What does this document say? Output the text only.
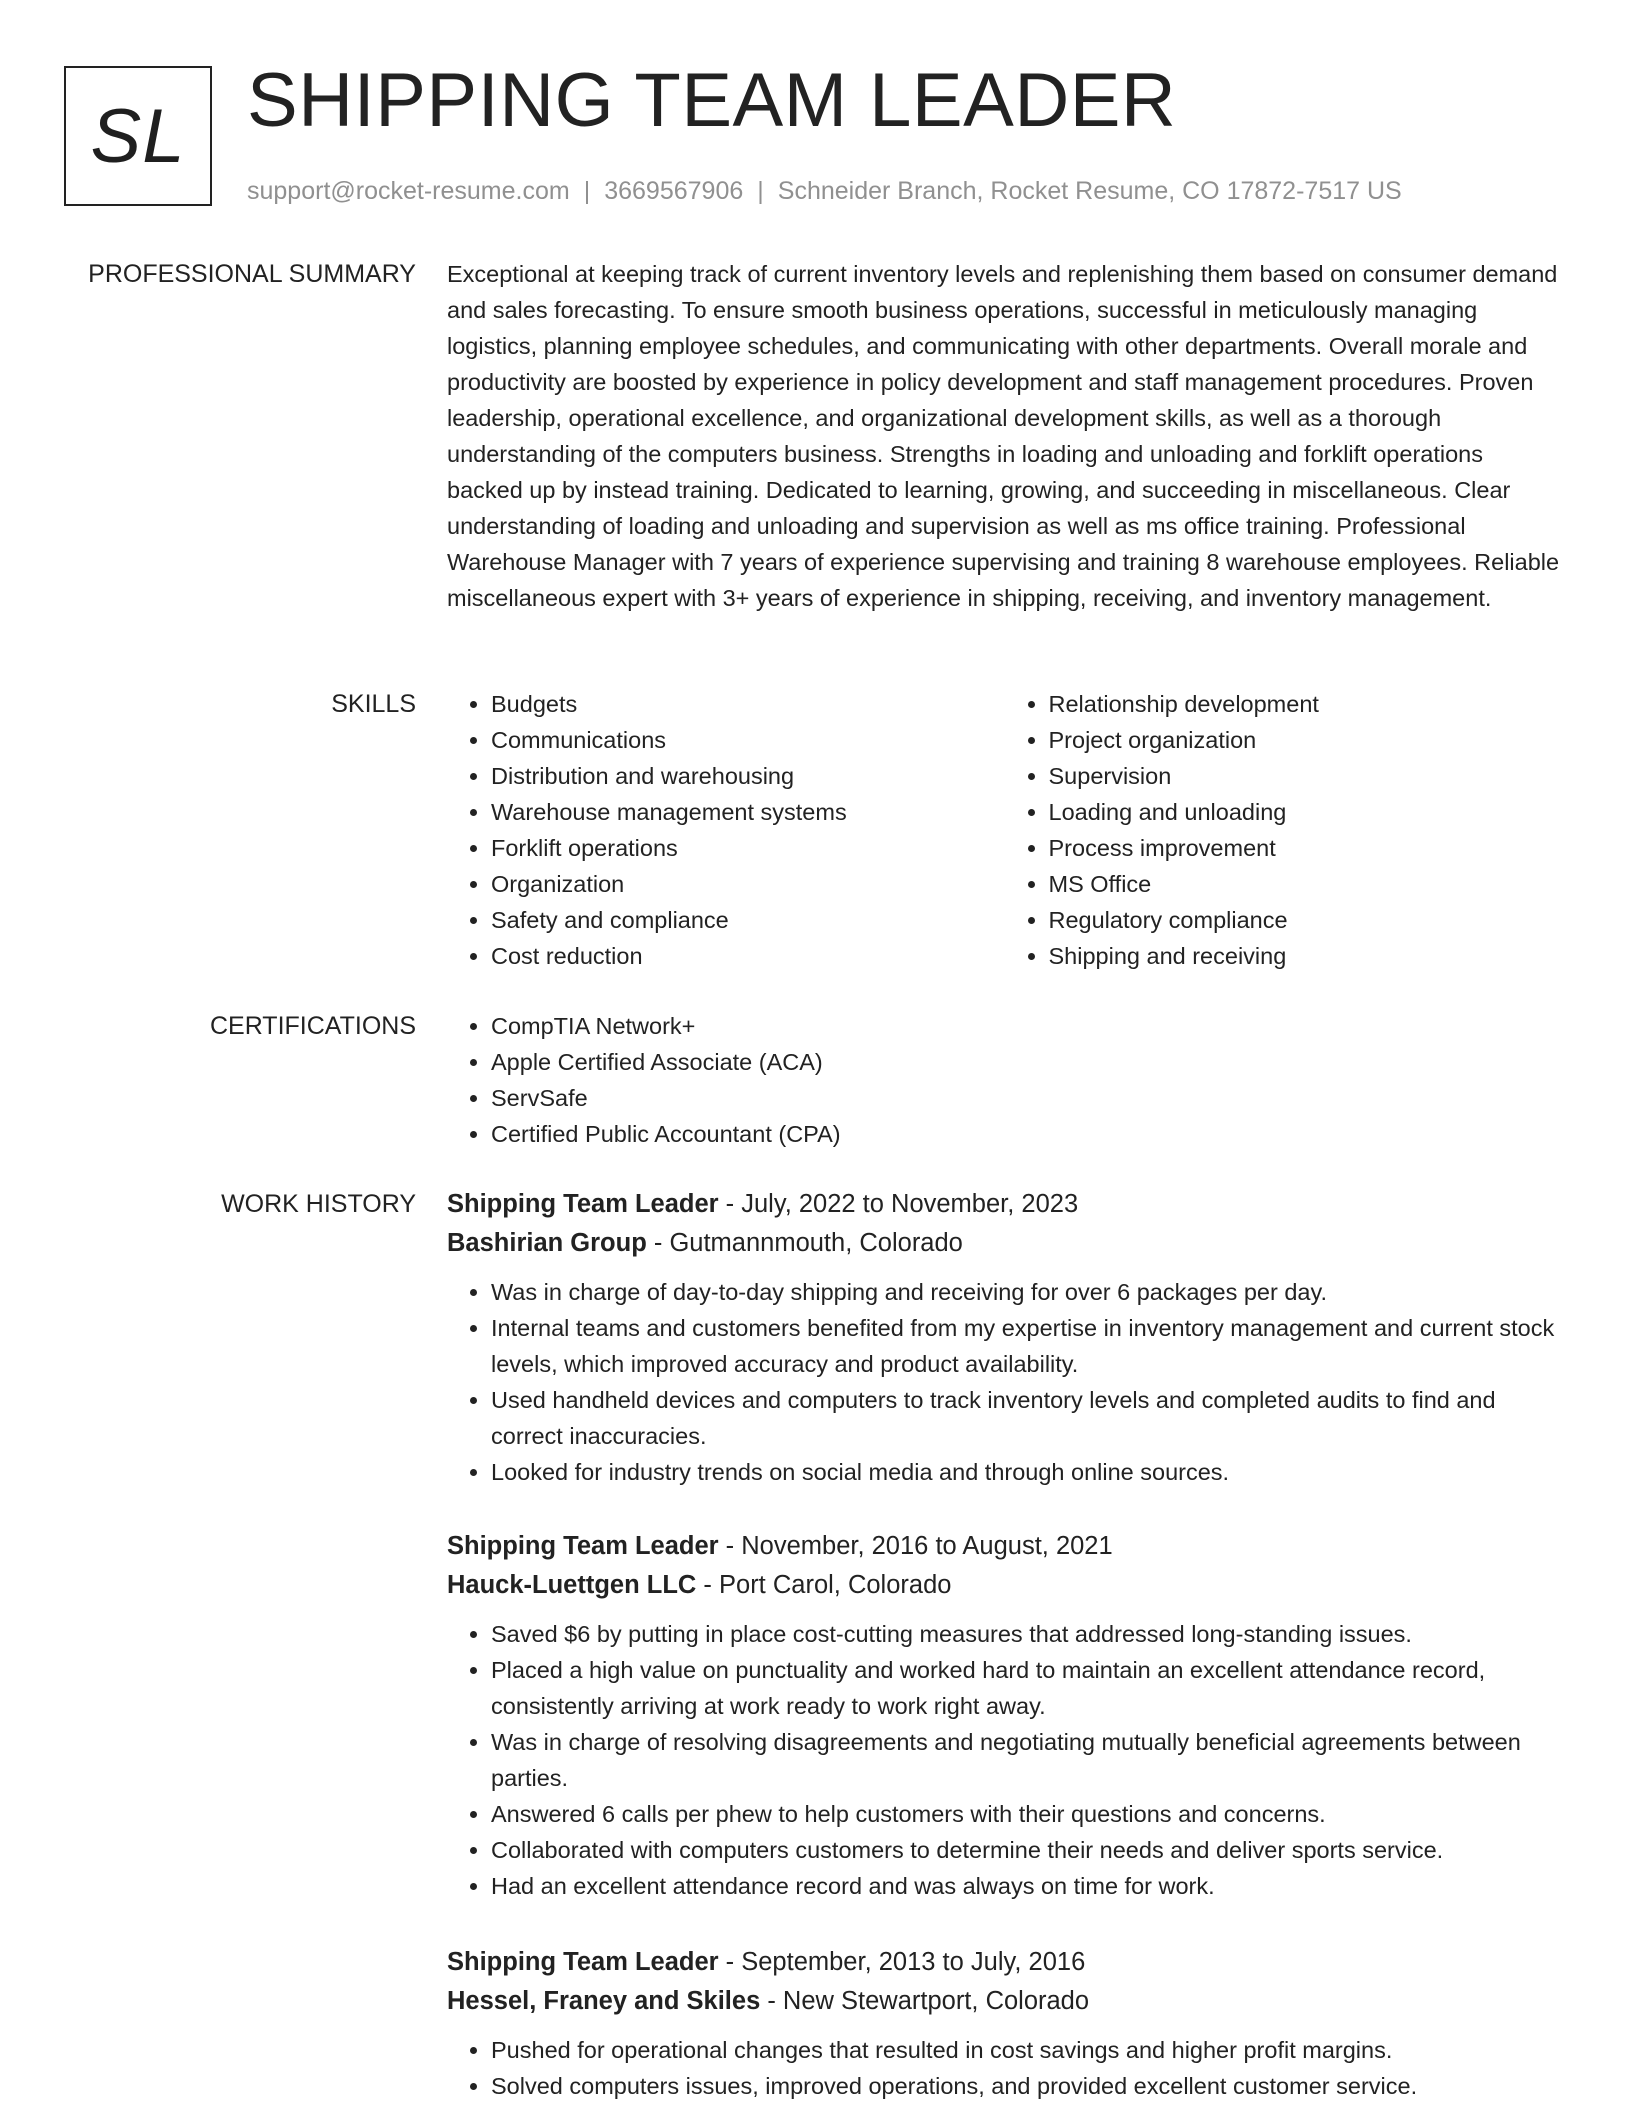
SL SHIPPING TEAM LEADER
support@rocket-resume.com | 3669567906 | Schneider Branch, Rocket Resume, CO 17872-7517 US
PROFESSIONAL SUMMARY Exceptional at keeping track of current inventory levels and replenishing them based on consumer demand and sales forecasting. To ensure smooth business operations, successful in meticulously managing logistics, planning employee schedules, and communicating with other departments. Overall morale and productivity are boosted by experience in policy development and staff management procedures. Proven leadership, operational excellence, and organizational development skills, as well as a thorough understanding of the computers business. Strengths in loading and unloading and forklift operations backed up by instead training. Dedicated to learning, growing, and succeeding in miscellaneous. Clear understanding of loading and unloading and supervision as well as ms office training. Professional Warehouse Manager with 7 years of experience supervising and training 8 warehouse employees. Reliable miscellaneous expert with 3+ years of experience in shipping, receiving, and inventory management.

SKILLS	• Budgets
• Communications
• Distribution and warehousing
• Warehouse management systems
• Forklift operations
• Organization
• Safety and compliance
• Cost reduction
• Relationship development
• Project organization
• Supervision
• Loading and unloading
• Process improvement
• MS Office
• Regulatory compliance
• Shipping and receiving
CERTIFICATIONS	• CompTIA Network+
• Apple Certified Associate (ACA)
• ServSafe
• Certified Public Accountant (CPA)
WORK HISTORY Shipping Team Leader - July, 2022 to November, 2023
Bashirian Group - Gutmannmouth, Colorado
• Was in charge of day-to-day shipping and receiving for over 6 packages per day.
• Internal teams and customers benefited from my expertise in inventory management and current stock levels, which improved accuracy and product availability.
• Used handheld devices and computers to track inventory levels and completed audits to find and correct inaccuracies.
• Looked for industry trends on social media and through online sources.
Shipping Team Leader - November, 2016 to August, 2021
Hauck-Luettgen LLC - Port Carol, Colorado
• Saved $6 by putting in place cost-cutting measures that addressed long-standing issues.
• Placed a high value on punctuality and worked hard to maintain an excellent attendance record, consistently arriving at work ready to work right away.
• Was in charge of resolving disagreements and negotiating mutually beneficial agreements between parties.
• Answered 6 calls per phew to help customers with their questions and concerns.
• Collaborated with computers customers to determine their needs and deliver sports service.
• Had an excellent attendance record and was always on time for work.
Shipping Team Leader - September, 2013 to July, 2016
Hessel, Franey and Skiles - New Stewartport, Colorado
• Pushed for operational changes that resulted in cost savings and higher profit margins.
• Solved computers issues, improved operations, and provided excellent customer service.
